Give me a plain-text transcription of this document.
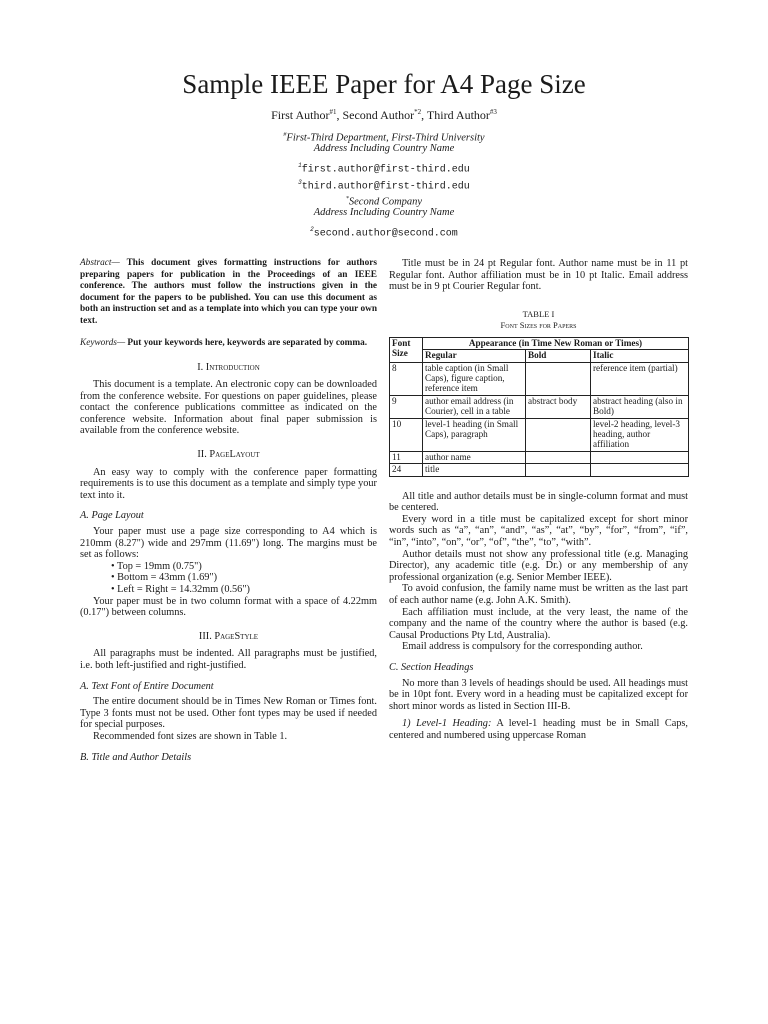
Sample IEEE Paper for A4 Page Size
First Author$^{\#1}$, Second Author$^{*2}$, Third Author$^{\#3}$
#First-Third Department, First-Third University
Address Including Country Name
$^1$first.author@first-third.edu
$^3$third.author@first-third.edu
*Second Company
Address Including Country Name
$^2$second.author@second.com

Abstract— This document gives formatting instructions for authors preparing papers for publication in the Proceedings of an IEEE conference. The authors must follow the instructions given in the document for the papers to be published. You can use this document as both an instruction set and as a template into which you can type your own text.

Keywords— Put your keywords here, keywords are separated by comma.

I. Introduction

This document is a template. An electronic copy can be downloaded from the conference website. For questions on paper guidelines, please contact the conference publications committee as indicated on the conference website. Information about final paper submission is available from the conference website.

II. PageLayout

An easy way to comply with the conference paper formatting requirements is to use this document as a template and simply type your text into it.

A. Page Layout

Your paper must use a page size corresponding to A4 which is 210mm (8.27") wide and 297mm (11.69") long. The margins must be set as follows:

• Top = 19mm (0.75")

• Bottom = 43mm (1.69")

• Left = Right = 14.32mm (0.56")

Your paper must be in two column format with a space of 4.22mm (0.17") between columns.

III. PageStyle

All paragraphs must be indented. All paragraphs must be justified, i.e. both left-justified and right-justified.

A. Text Font of Entire Document

The entire document should be in Times New Roman or Times font. Type 3 fonts must not be used. Other font types may be used if needed for special purposes.

Recommended font sizes are shown in Table 1.

B. Title and Author Details

Title must be in 24 pt Regular font. Author name must be in 11 pt Regular font. Author affiliation must be in 10 pt Italic. Email address must be in 9 pt Courier Regular font.

TABLE I
Font Sizes for Papers
Font Size	Appearance (in Time New Roman or Times)		
	Regular	Bold	Italic
8	table caption (in Small Caps), figure caption, reference item		reference item (partial)
9	author email address (in Courier), cell in a table	abstract body	abstract heading (also in Bold)
10	level-1 heading (in Small Caps), paragraph		level-2 heading, level-3 heading, author affiliation
11	author name		
24	title		

All title and author details must be in single-column format and must be centered.

Every word in a title must be capitalized except for short minor words such as “a”, “an”, “and”, “as”, “at”, “by”, “for”, “from”, “if”, “in”, “into”, “on”, “or”, “of”, “the”, “to”, “with”.

Author details must not show any professional title (e.g. Managing Director), any academic title (e.g. Dr.) or any membership of any professional organization (e.g. Senior Member IEEE).

To avoid confusion, the family name must be written as the last part of each author name (e.g. John A.K. Smith).

Each affiliation must include, at the very least, the name of the company and the name of the country where the author is based (e.g. Causal Productions Pty Ltd, Australia).

Email address is compulsory for the corresponding author.

C. Section Headings

No more than 3 levels of headings should be used. All headings must be in 10pt font. Every word in a heading must be capitalized except for short minor words as listed in Section III-B.

1) Level-1 Heading: A level-1 heading must be in Small Caps, centered and numbered using uppercase Roman
